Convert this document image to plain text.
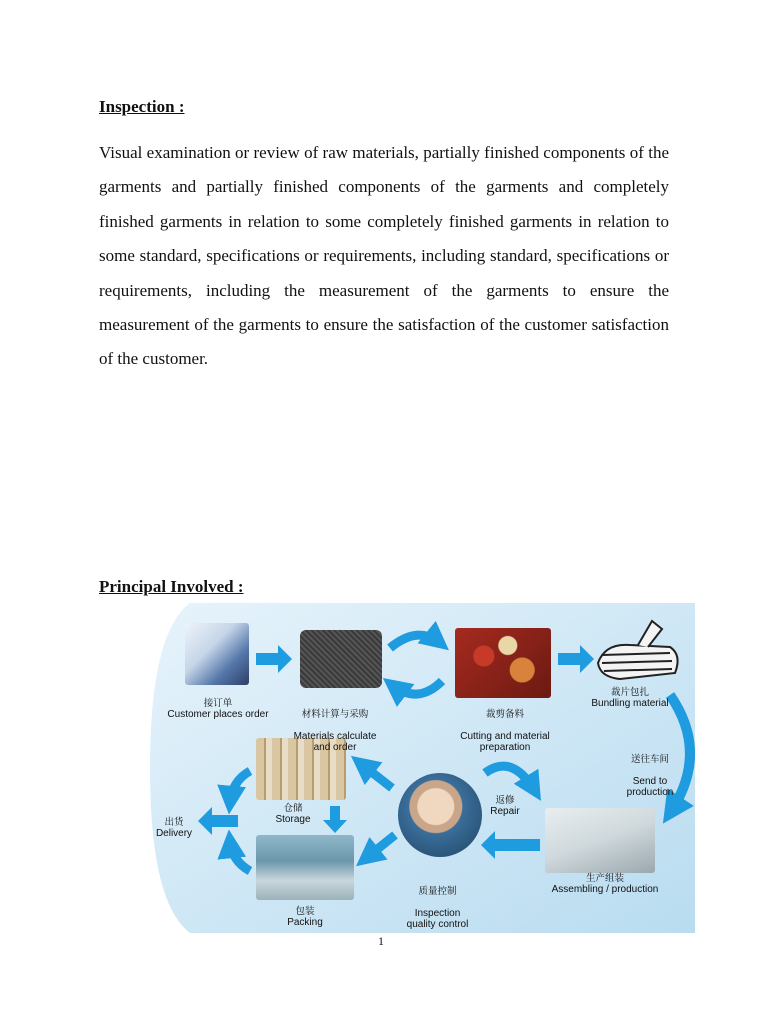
Inspection :

Visual examination or review of raw materials, partially finished components of the garments and partially finished components of the garments and completely finished garments in relation to some completely finished garments in relation to some standard, specifications or requirements, including standard, specifications or requirements, including the measurement of the garments to ensure the measurement of the garments to ensure the satisfaction of the customer satisfaction of the customer.

Principal Involved :
接订单
Customer places order	材料计算与采购

Materials calculate
and order

裁剪备料

Cutting and material
preparation

裁片包扎
Bundling material

送往车间

Send to
production

生产组装
Assembling / production
返修
Repair

质量控制

Inspection
quality control

仓储
Storage
包装
Packing
出货
Delivery
1
